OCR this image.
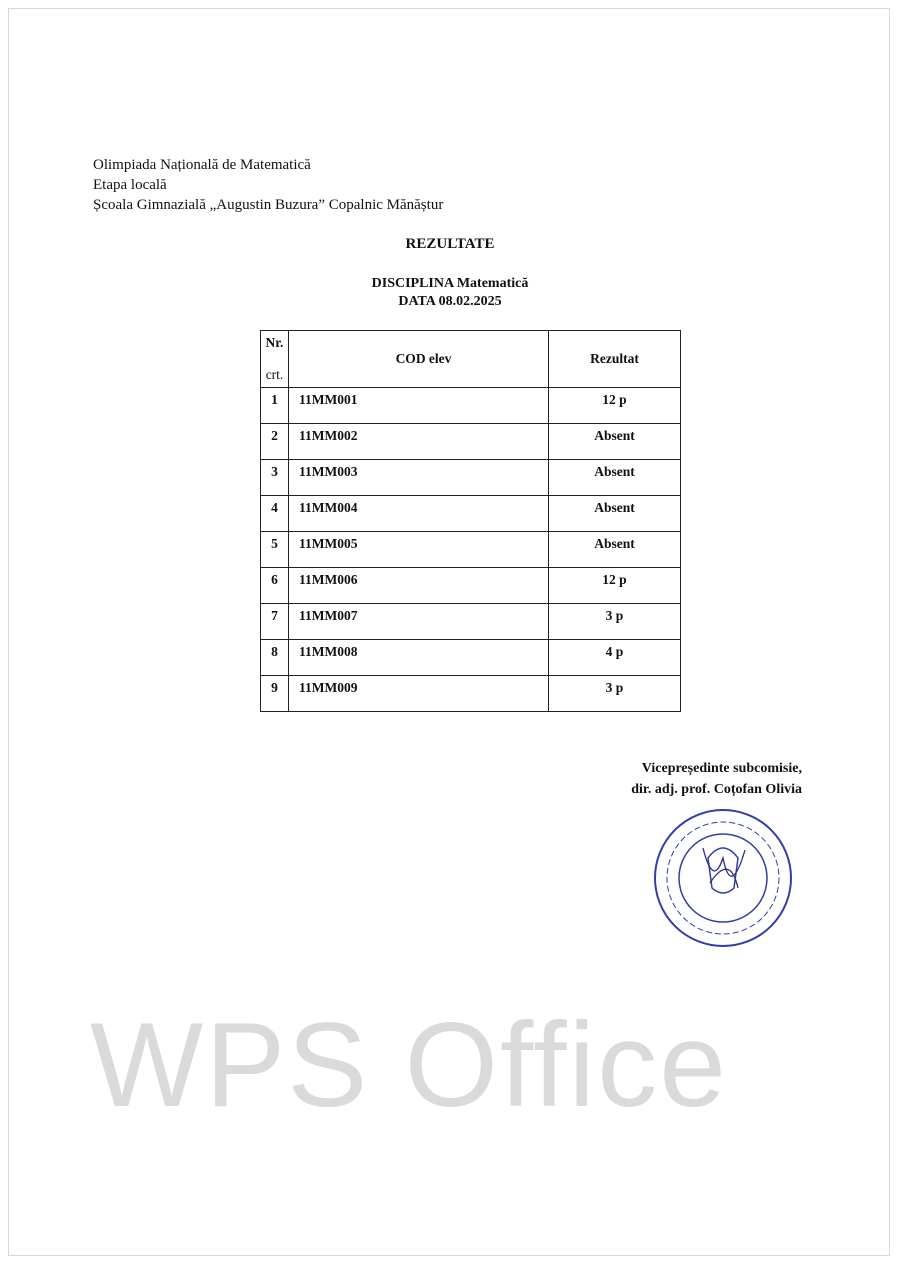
Olimpiada Națională de Matematică
Etapa locală
Școala Gimnazială „Augustin Buzura” Copalnic Mănăștur
REZULTATE
DISCIPLINA Matematică
DATA 08.02.2025
Nr.

crt.	COD elev	Rezultat
1	11MM001	12 p
2	11MM002	Absent
3	11MM003	Absent
4	11MM004	Absent
5	11MM005	Absent
6	11MM006	12 p
7	11MM007	3 p
8	11MM008	4 p
9	11MM009	3 p
Vicepreședinte subcomisie,
dir. adj. prof. Coțofan Olivia
WPS Office
